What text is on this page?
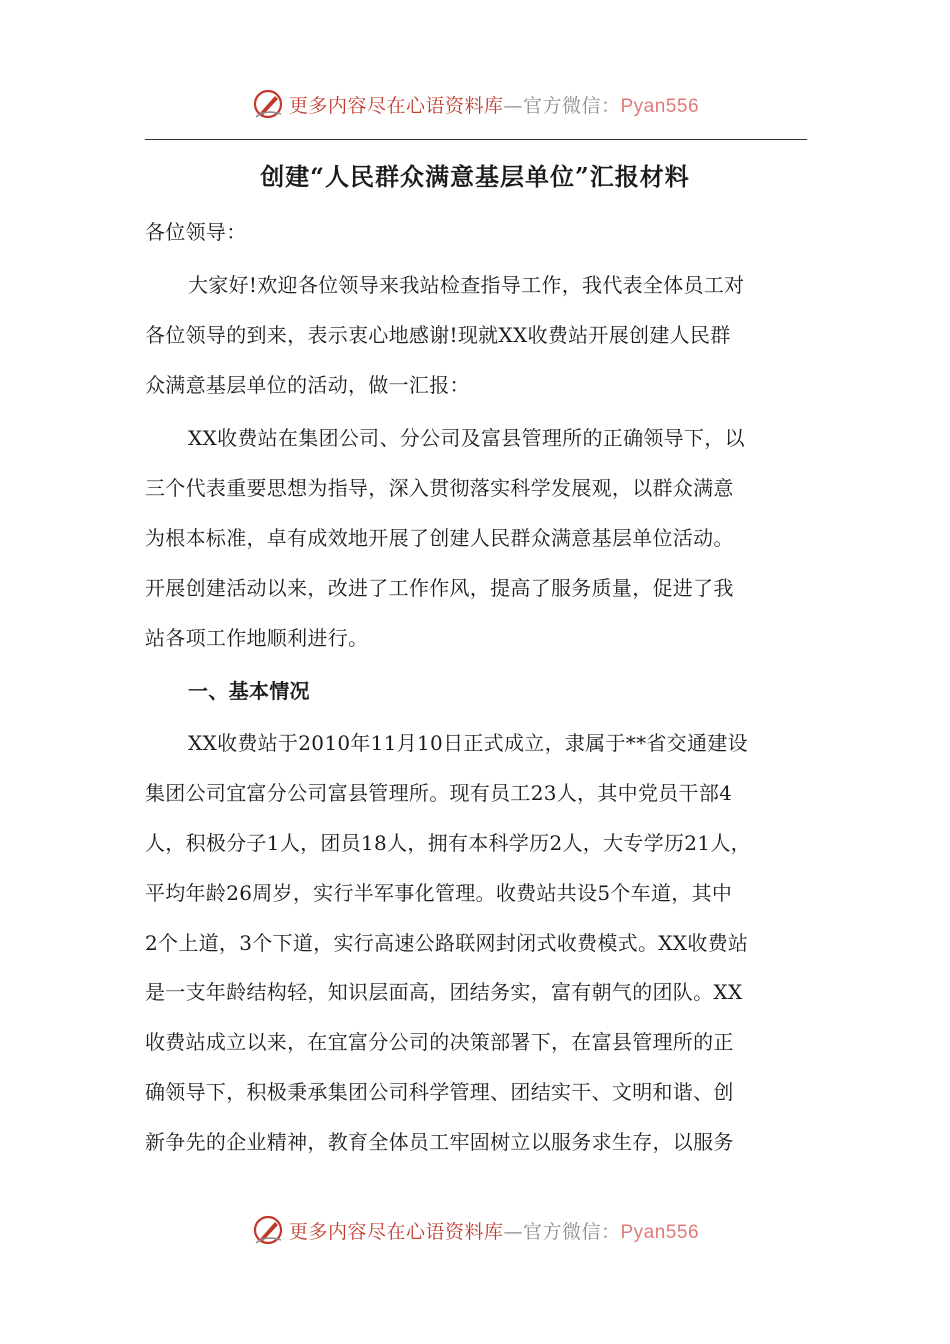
更多内容尽在心语资料库—官方微信：Pyan556
创建“人民群众满意基层单位”汇报材料
各位领导：
大家好!欢迎各位领导来我站检查指导工作，我代表全体员工对
各位领导的到来，表示衷心地感谢!现就XX收费站开展创建人民群
众满意基层单位的活动，做一汇报：
XX收费站在集团公司、分公司及富县管理所的正确领导下，以
三个代表重要思想为指导，深入贯彻落实科学发展观，以群众满意
为根本标准，卓有成效地开展了创建人民群众满意基层单位活动。
开展创建活动以来，改进了工作作风，提高了服务质量，促进了我
站各项工作地顺利进行。
一、基本情况
XX收费站于2010年11月10日正式成立，隶属于**省交通建设
集团公司宜富分公司富县管理所。现有员工23人，其中党员干部4
人，积极分子1人，团员18人，拥有本科学历2人，大专学历21人，
平均年龄26周岁，实行半军事化管理。收费站共设5个车道，其中
2个上道，3个下道，实行高速公路联网封闭式收费模式。XX收费站
是一支年龄结构轻，知识层面高，团结务实，富有朝气的团队。XX
收费站成立以来，在宜富分公司的决策部署下，在富县管理所的正
确领导下，积极秉承集团公司科学管理、团结实干、文明和谐、创
新争先的企业精神，教育全体员工牢固树立以服务求生存，以服务
更多内容尽在心语资料库—官方微信：Pyan556
